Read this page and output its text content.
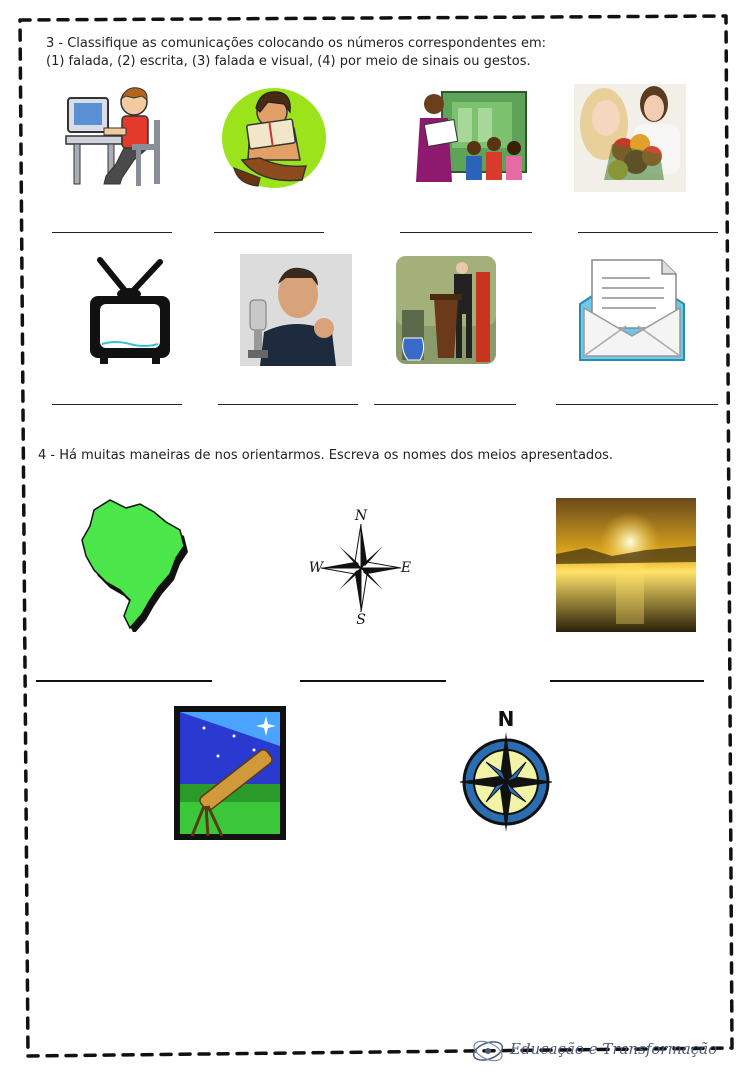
3 - Classifique as comunicações colocando os números correspondentes em:
(1) falada, (2) escrita, (3) falada e visual, (4) por meio de sinais ou gestos.
4 - Há muitas maneiras de nos orientarmos. Escreva os nomes dos meios apresentados.
N
S
E
W
N
Educação e Transformação
